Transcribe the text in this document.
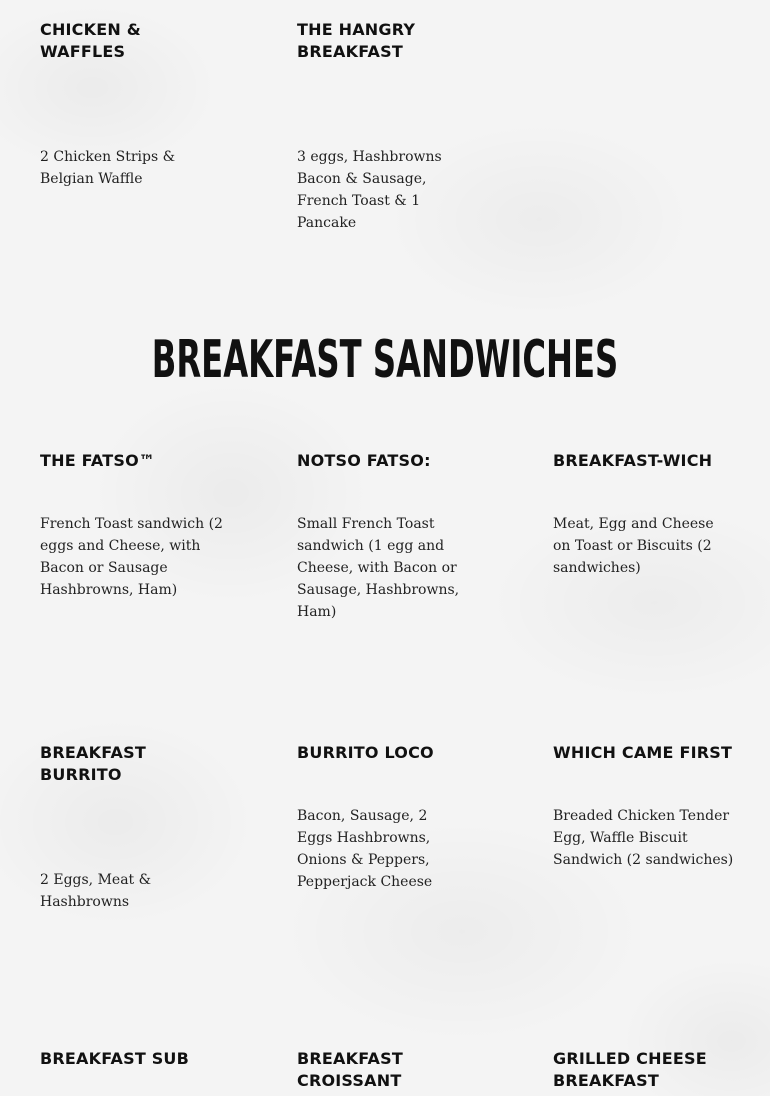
CHICKEN & WAFFLES

2 Chicken Strips & Belgian Waffle

THE HANGRY BREAKFAST

3 eggs, Hashbrowns Bacon & Sausage, French Toast & 1 Pancake

BREAKFAST SANDWICHES
THE FATSO™

French Toast sandwich (2 eggs and Cheese, with Bacon or Sausage Hashbrowns, Ham)

NOTSO FATSO:

Small French Toast sandwich (1 egg and Cheese, with Bacon or Sausage, Hashbrowns, Ham)

BREAKFAST-WICH

Meat, Egg and Cheese on Toast or Biscuits (2 sandwiches)

BREAKFAST BURRITO

2 Eggs, Meat & Hashbrowns

BURRITO LOCO

Bacon, Sausage, 2 Eggs Hashbrowns, Onions & Peppers, Pepperjack Cheese

WHICH CAME FIRST

Breaded Chicken Tender Egg, Waffle Biscuit Sandwich (2 sandwiches)

BREAKFAST SUB	BREAKFAST CROISSANT
GRILLED CHEESE BREAKFAST
